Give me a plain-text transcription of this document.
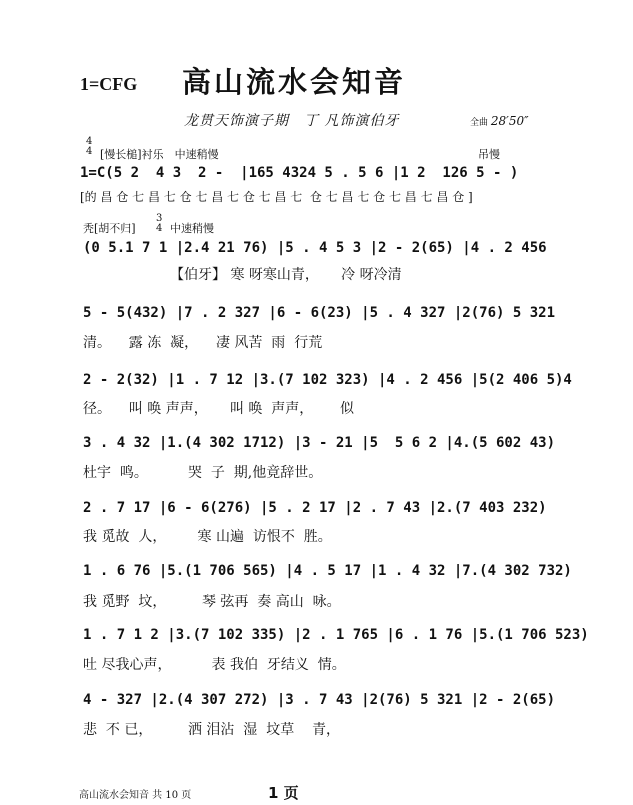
1=CFG 高山流水会知音
龙贯天饰演子期　丁 凡饰演伯牙	全曲 28′50″
4
4 [慢长槌]衬乐　中速稍慢	吊慢
1=C(5 2  4 3  2 -  |165 4324 5 . 5 6 |1 2  126 5 - )
[的 昌 仓 七 昌 七 仓 七 昌 七 仓 七 昌 七  仓 七 昌 七 仓 七 昌 七 昌 仓 ]
秃[胡不归]
3
4 中速稍慢
(0 5.1 7 1 |2.4 21 76) |5 . 4 5 3 |2 - 2(65) |4 . 2 456
【伯牙】 寒 呀寒山青，     冷 呀冷清
5 - 5(432) |7 . 2 327 |6 - 6(23) |5 . 4 327 |2(76) 5 321
清。    露 冻  凝，    凄 风苦  雨  行荒
2 - 2(32) |1 . 7 12 |3.(7 102 323) |4 . 2 456 |5(2 406 5)4
径。    叫 唤 声声，     叫 唤  声声，      似
3 . 4 32 |1.(4 302 1712) |3 - 21 |5  5 6 2 |4.(5 602 43)
杜宇  鸣。         哭  子  期,他竟辞世。
2 . 7 17 |6 - 6(276) |5 . 2 17 |2 . 7 43 |2.(7 403 232)
我 觅故  人，       寒 山遍  访恨不  胜。
1 . 6 76 |5.(1 706 565) |4 . 5 17 |1 . 4 32 |7.(4 302 732)
我 觅野  坟，        琴 弦再  奏 高山  咏。
1 . 7 1 2 |3.(7 102 335) |2 . 1 765 |6 . 1 76 |5.(1 706 523)
吐 尽我心声，         表 我伯  牙结义  情。
4 - 327 |2.(4 307 272) |3 . 7 43 |2(76) 5 321 |2 - 2(65)
悲  不 已，        洒 泪沾  湿  坟草    青，
高山流水会知音 共 10 页	1 页
